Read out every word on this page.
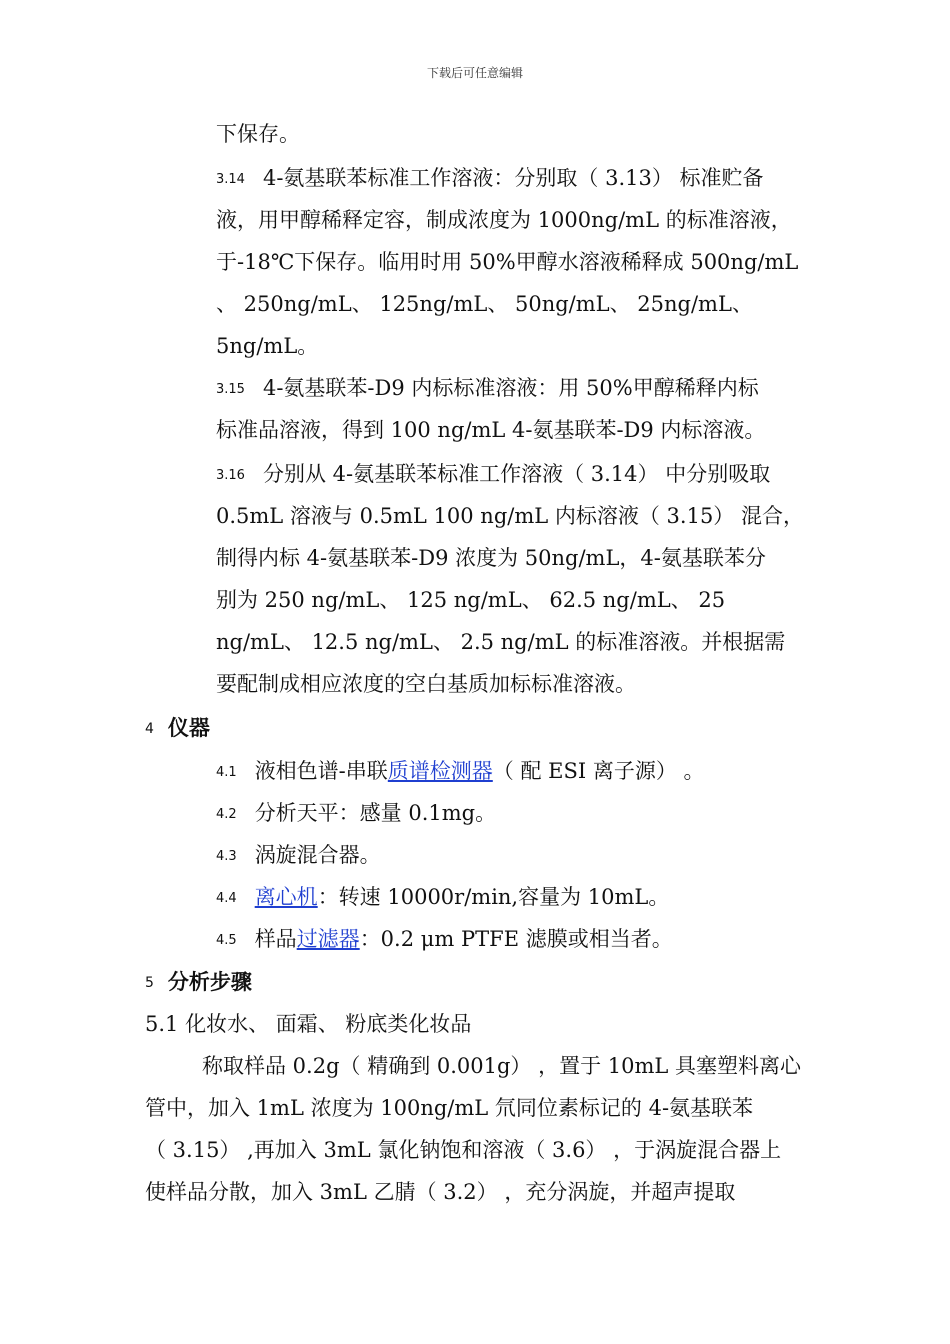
下载后可任意编辑
下保存。
3.14 4-氨基联苯标准工作溶液：分别取（ 3.13） 标准贮备
液，用甲醇稀释定容，制成浓度为 1000ng/mL 的标准溶液，
于-18℃下保存。临用时用 50%甲醇水溶液稀释成 500ng/mL
、 250ng/mL、 125ng/mL、 50ng/mL、 25ng/mL、
5ng/mL。
3.15 4-氨基联苯-D9 内标标准溶液：用 50%甲醇稀释内标
标准品溶液，得到 100 ng/mL 4-氨基联苯-D9 内标溶液。
3.16 分别从 4-氨基联苯标准工作溶液（ 3.14） 中分别吸取
0.5mL 溶液与 0.5mL 100 ng/mL 内标溶液（ 3.15） 混合，
制得内标 4-氨基联苯-D9 浓度为 50ng/mL，4-氨基联苯分
别为 250 ng/mL、 125 ng/mL、 62.5 ng/mL、 25
ng/mL、 12.5 ng/mL、 2.5 ng/mL 的标准溶液。并根据需
要配制成相应浓度的空白基质加标标准溶液。
4 仪器
4.1 液相色谱-串联质谱检测器（ 配 ESI 离子源） 。
4.2 分析天平：感量 0.1mg。
4.3 涡旋混合器。
4.4 离心机：转速 10000r/min,容量为 10mL。
4.5 样品过滤器：0.2 μm PTFE 滤膜或相当者。
5 分析步骤
5.1 化妆水、 面霜、 粉底类化妆品
称取样品 0.2g（ 精确到 0.001g） ，置于 10mL 具塞塑料离心
管中，加入 1mL 浓度为 100ng/mL 氘同位素标记的 4-氨基联苯
（ 3.15） ,再加入 3mL 氯化钠饱和溶液（ 3.6） ，于涡旋混合器上
使样品分散，加入 3mL 乙腈（ 3.2） ，充分涡旋，并超声提取
